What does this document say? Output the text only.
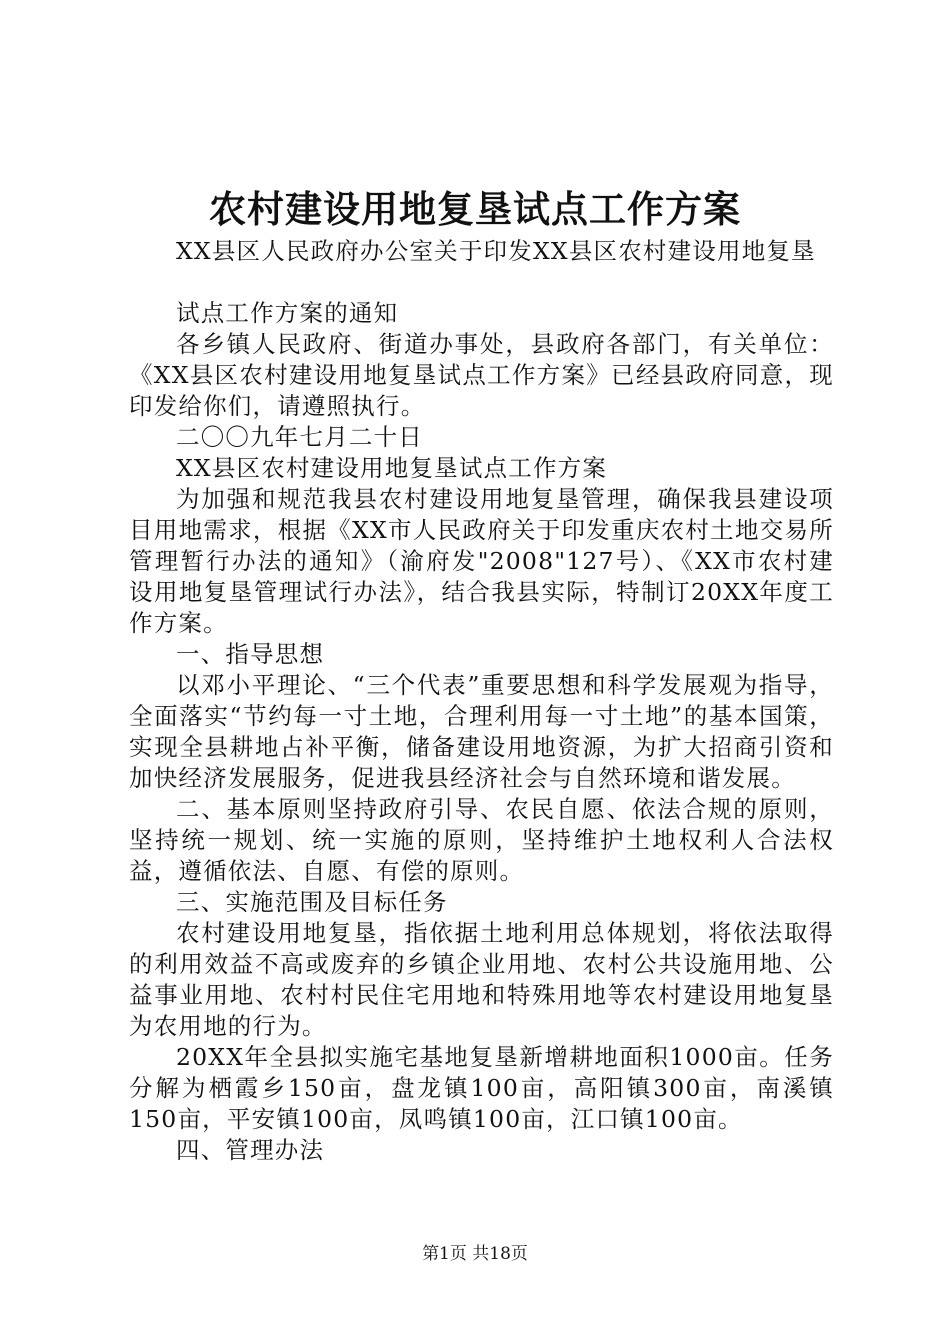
农村建设用地复垦试点工作方案

XX县区人民政府办公室关于印发XX县区农村建设用地复垦

试点工作方案的通知

各乡镇人民政府、街道办事处，县政府各部门，有关单位：《XX县区农村建设用地复垦试点工作方案》已经县政府同意，现印发给你们，请遵照执行。

二〇〇九年七月二十日

XX县区农村建设用地复垦试点工作方案

为加强和规范我县农村建设用地复垦管理，确保我县建设项目用地需求，根据《XX市人民政府关于印发重庆农村土地交易所管理暂行办法的通知》（渝府发"2008"127号）、《XX市农村建设用地复垦管理试行办法》，结合我县实际，特制订20XX年度工作方案。

一、指导思想

以邓小平理论、“三个代表”重要思想和科学发展观为指导，全面落实“节约每一寸土地，合理利用每一寸土地”的基本国策，实现全县耕地占补平衡，储备建设用地资源，为扩大招商引资和加快经济发展服务，促进我县经济社会与自然环境和谐发展。

二、基本原则坚持政府引导、农民自愿、依法合规的原则，坚持统一规划、统一实施的原则，坚持维护土地权利人合法权益，遵循依法、自愿、有偿的原则。

三、实施范围及目标任务

农村建设用地复垦，指依据土地利用总体规划，将依法取得的利用效益不高或废弃的乡镇企业用地、农村公共设施用地、公益事业用地、农村村民住宅用地和特殊用地等农村建设用地复垦为农用地的行为。

20XX年全县拟实施宅基地复垦新增耕地面积1000亩。任务分解为栖霞乡150亩，盘龙镇100亩，高阳镇300亩，南溪镇150亩，平安镇100亩，凤鸣镇100亩，江口镇100亩。

四、管理办法

第1页 共18页
